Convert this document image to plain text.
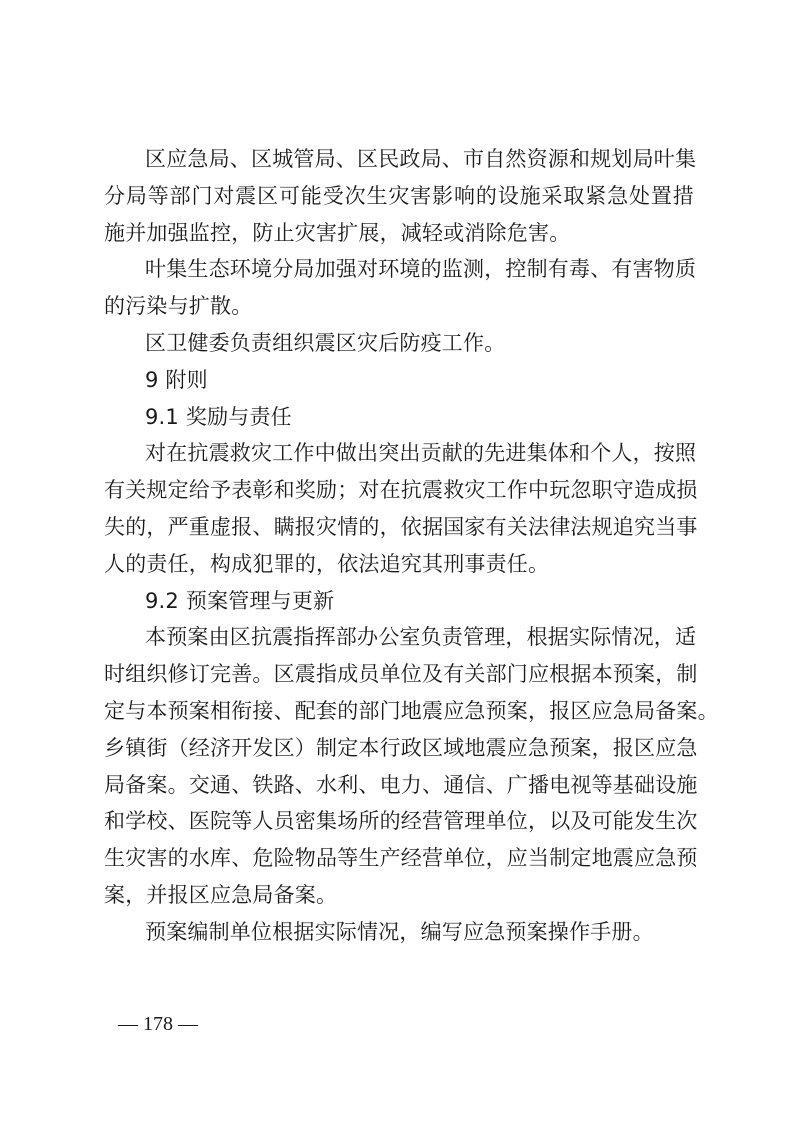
区应急局、区城管局、区民政局、市自然资源和规划局叶集
分局等部门对震区可能受次生灾害影响的设施采取紧急处置措
施并加强监控，防止灾害扩展，减轻或消除危害。
叶集生态环境分局加强对环境的监测，控制有毒、有害物质
的污染与扩散。
区卫健委负责组织震区灾后防疫工作。
9 附则
9.1 奖励与责任
对在抗震救灾工作中做出突出贡献的先进集体和个人，按照
有关规定给予表彰和奖励；对在抗震救灾工作中玩忽职守造成损
失的，严重虚报、瞒报灾情的，依据国家有关法律法规追究当事
人的责任，构成犯罪的，依法追究其刑事责任。
9.2 预案管理与更新
本预案由区抗震指挥部办公室负责管理，根据实际情况，适
时组织修订完善。区震指成员单位及有关部门应根据本预案，制
定与本预案相衔接、配套的部门地震应急预案，报区应急局备案。
乡镇街（经济开发区）制定本行政区域地震应急预案，报区应急
局备案。交通、铁路、水利、电力、通信、广播电视等基础设施
和学校、医院等人员密集场所的经营管理单位，以及可能发生次
生灾害的水库、危险物品等生产经营单位，应当制定地震应急预
案，并报区应急局备案。
预案编制单位根据实际情况，编写应急预案操作手册。
— 178 —
